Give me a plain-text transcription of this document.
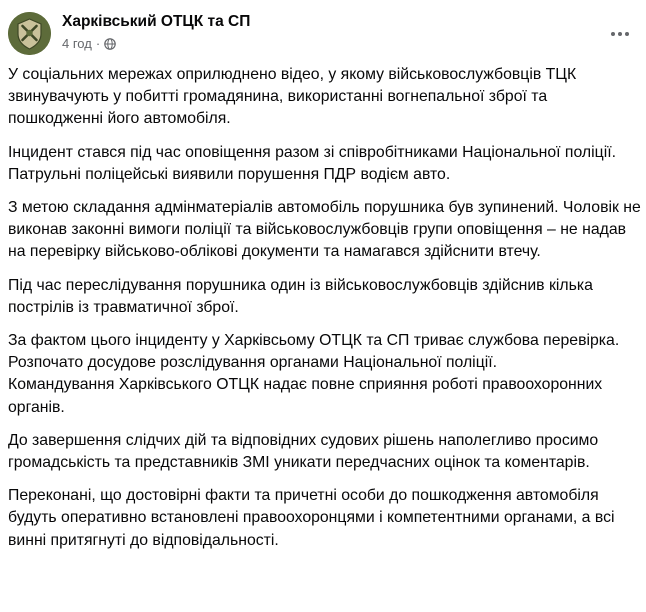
Харківський ОТЦК та СП
4 год ·

У соціальних мережах оприлюднено відео, у якому військовослужбовців ТЦК звинувачують у побитті громадянина, використанні вогнепальної зброї та пошкодженні його автомобіля.

Інцидент стався під час оповіщення разом зі співробітниками Національної поліції.
Патрульні поліцейські виявили порушення ПДР водієм авто.

З метою складання адмінматеріалів автомобіль порушника був зупинений. Чоловік не виконав законні вимоги поліції та військовослужбовців групи оповіщення – не надав на перевірку військово-облікові документи та намагався здійснити втечу.

Під час переслідування порушника один із військовослужбовців здійснив кілька пострілів із травматичної зброї.

За фактом цього інциденту у Харківсьому ОТЦК та СП триває службова перевірка.
Розпочато досудове розслідування органами Національної поліції.
Командування Харківського ОТЦК надає повне сприяння роботі правоохоронних органів.

До завершення слідчих дій та відповідних судових рішень наполегливо просимо громадськість та представників ЗМІ уникати передчасних оцінок та коментарів.

Переконані, що достовірні факти та причетні особи до пошкодження автомобіля будуть оперативно встановлені правоохоронцями і компетентними органами, а всі винні притягнуті до відповідальності.
